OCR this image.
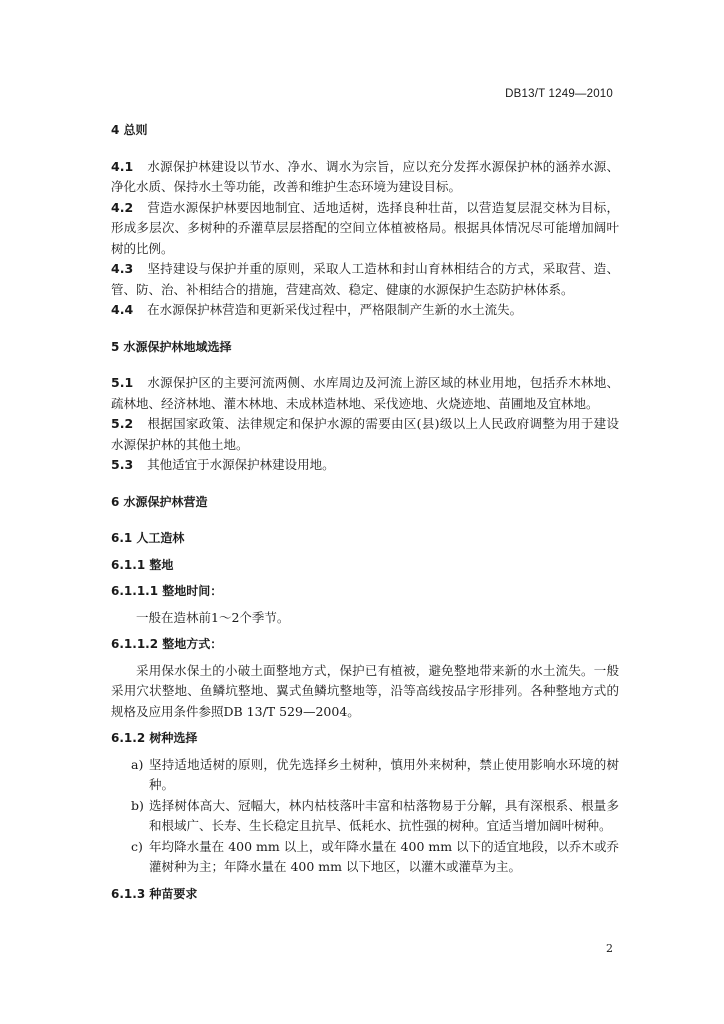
DB13/T 1249—2010
4 总则
4.1 水源保护林建设以节水、净水、调水为宗旨，应以充分发挥水源保护林的涵养水源、净化水质、保持水土等功能，改善和维护生态环境为建设目标。
4.2 营造水源保护林要因地制宜、适地适树，选择良种壮苗，以营造复层混交林为目标，形成多层次、多树种的乔灌草层层搭配的空间立体植被格局。根据具体情况尽可能增加阔叶树的比例。
4.3 坚持建设与保护并重的原则，采取人工造林和封山育林相结合的方式，采取营、造、管、防、治、补相结合的措施，营建高效、稳定、健康的水源保护生态防护林体系。
4.4 在水源保护林营造和更新采伐过程中，严格限制产生新的水土流失。
5 水源保护林地域选择
5.1 水源保护区的主要河流两侧、水库周边及河流上游区域的林业用地，包括乔木林地、疏林地、经济林地、灌木林地、未成林造林地、采伐迹地、火烧迹地、苗圃地及宜林地。
5.2 根据国家政策、法律规定和保护水源的需要由区(县)级以上人民政府调整为用于建设水源保护林的其他土地。
5.3 其他适宜于水源保护林建设用地。
6 水源保护林营造
6.1 人工造林
6.1.1 整地
6.1.1.1 整地时间：
一般在造林前1～2个季节。
6.1.1.2 整地方式：
采用保水保土的小破土面整地方式，保护已有植被，避免整地带来新的水土流失。一般采用穴状整地、鱼鳞坑整地、翼式鱼鳞坑整地等，沿等高线按品字形排列。各种整地方式的规格及应用条件参照DB 13/T 529—2004。
6.1.2 树种选择
a) 坚持适地适树的原则，优先选择乡土树种，慎用外来树种，禁止使用影响水环境的树种。
b) 选择树体高大、冠幅大，林内枯枝落叶丰富和枯落物易于分解，具有深根系、根量多和根域广、长寿、生长稳定且抗旱、低耗水、抗性强的树种。宜适当增加阔叶树种。
c) 年均降水量在 400 mm 以上，或年降水量在 400 mm 以下的适宜地段，以乔木或乔灌树种为主；年降水量在 400 mm 以下地区，以灌木或灌草为主。
6.1.3 种苗要求
2
